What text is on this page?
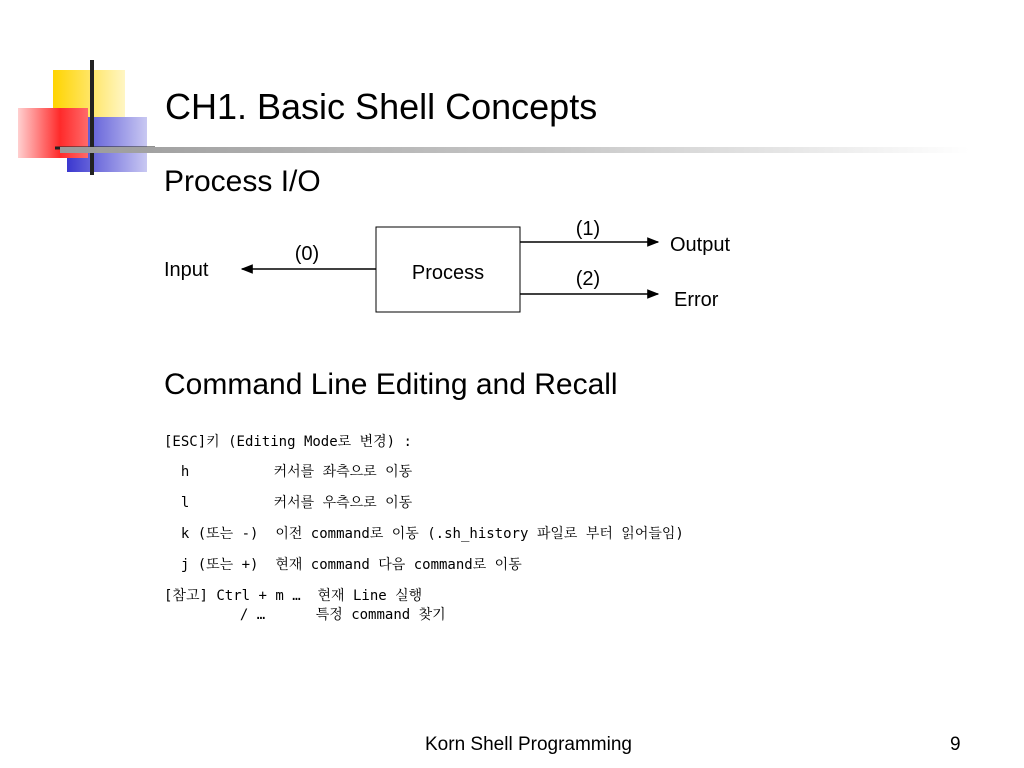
CH1. Basic Shell Concepts
Process I/O
Process
Input
(0)
(1)
Output
(2)
Error
Command Line Editing and Recall
[ESC]키 (Editing Mode로 변경) :
h          커서를 좌측으로 이동
l          커서를 우측으로 이동
k (또는 -)  이전 command로 이동 (.sh_history 파일로 부터 읽어들임)
j (또는 +)  현재 command 다음 command로 이동
[참고] Ctrl + m …  현재 Line 실행
/ …      특정 command 찾기
Korn Shell Programming	9
